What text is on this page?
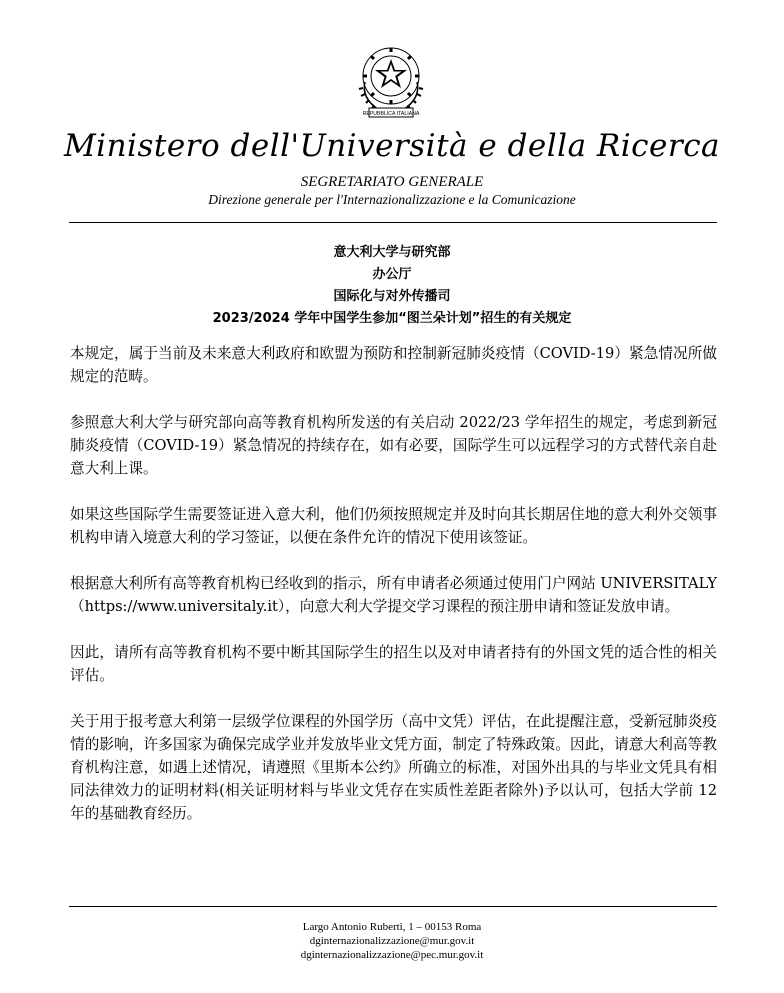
REPUBBLICA ITALIANA
Ministero dell'Università e della Ricerca
SEGRETARIATO GENERALE
Direzione generale per l'Internazionalizzazione e la Comunicazione
意大利大学与研究部
办公厅
国际化与对外传播司
2023/2024 学年中国学生参加“图兰朵计划”招生的有关规定

本规定，属于当前及未来意大利政府和欧盟为预防和控制新冠肺炎疫情（COVID-19）紧急情况所做规定的范畴。

参照意大利大学与研究部向高等教育机构所发送的有关启动 2022/23 学年招生的规定，考虑到新冠肺炎疫情（COVID-19）紧急情况的持续存在，如有必要，国际学生可以远程学习的方式替代亲自赴意大利上课。

如果这些国际学生需要签证进入意大利，他们仍须按照规定并及时向其长期居住地的意大利外交领事机构申请入境意大利的学习签证，以便在条件允许的情况下使用该签证。

根据意大利所有高等教育机构已经收到的指示，所有申请者必须通过使用门户网站 UNIVERSITALY（https://www.universitaly.it），向意大利大学提交学习课程的预注册申请和签证发放申请。

因此，请所有高等教育机构不要中断其国际学生的招生以及对申请者持有的外国文凭的适合性的相关评估。

关于用于报考意大利第一层级学位课程的外国学历（高中文凭）评估，在此提醒注意，受新冠肺炎疫情的影响，许多国家为确保完成学业并发放毕业文凭方面，制定了特殊政策。因此，请意大利高等教育机构注意，如遇上述情况，请遵照《里斯本公约》所确立的标准，对国外出具的与毕业文凭具有相同法律效力的证明材料(相关证明材料与毕业文凭存在实质性差距者除外)予以认可，包括大学前 12 年的基础教育经历。

Largo Antonio Ruberti, 1 – 00153 Roma
dginternazionalizzazione@mur.gov.it
dginternazionalizzazione@pec.mur.gov.it
